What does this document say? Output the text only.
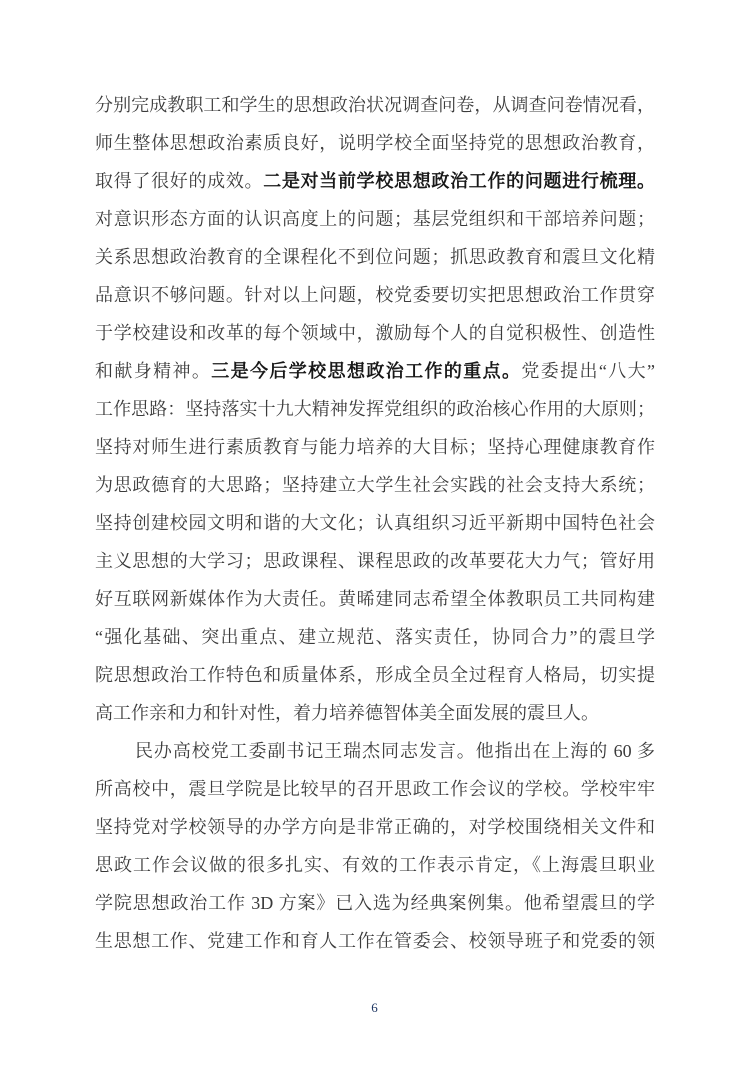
分别完成教职工和学生的思想政治状况调查问卷，从调查问卷情况看，
师生整体思想政治素质良好，说明学校全面坚持党的思想政治教育，
取得了很好的成效。二是对当前学校思想政治工作的问题进行梳理。
对意识形态方面的认识高度上的问题；基层党组织和干部培养问题；
关系思想政治教育的全课程化不到位问题；抓思政教育和震旦文化精
品意识不够问题。针对以上问题，校党委要切实把思想政治工作贯穿
于学校建设和改革的每个领域中，激励每个人的自觉积极性、创造性
和献身精神。三是今后学校思想政治工作的重点。党委提出“八大”
工作思路：坚持落实十九大精神发挥党组织的政治核心作用的大原则；
坚持对师生进行素质教育与能力培养的大目标；坚持心理健康教育作
为思政德育的大思路；坚持建立大学生社会实践的社会支持大系统；
坚持创建校园文明和谐的大文化；认真组织习近平新期中国特色社会
主义思想的大学习；思政课程、课程思政的改革要花大力气；管好用
好互联网新媒体作为大责任。黄晞建同志希望全体教职员工共同构建
“强化基础、突出重点、建立规范、落实责任，协同合力”的震旦学
院思想政治工作特色和质量体系，形成全员全过程育人格局，切实提
高工作亲和力和针对性，着力培养德智体美全面发展的震旦人。
民办高校党工委副书记王瑞杰同志发言。他指出在上海的 60 多
所高校中，震旦学院是比较早的召开思政工作会议的学校。学校牢牢
坚持党对学校领导的办学方向是非常正确的，对学校围绕相关文件和
思政工作会议做的很多扎实、有效的工作表示肯定，《上海震旦职业
学院思想政治工作 3D 方案》已入选为经典案例集。他希望震旦的学
生思想工作、党建工作和育人工作在管委会、校领导班子和党委的领
6
